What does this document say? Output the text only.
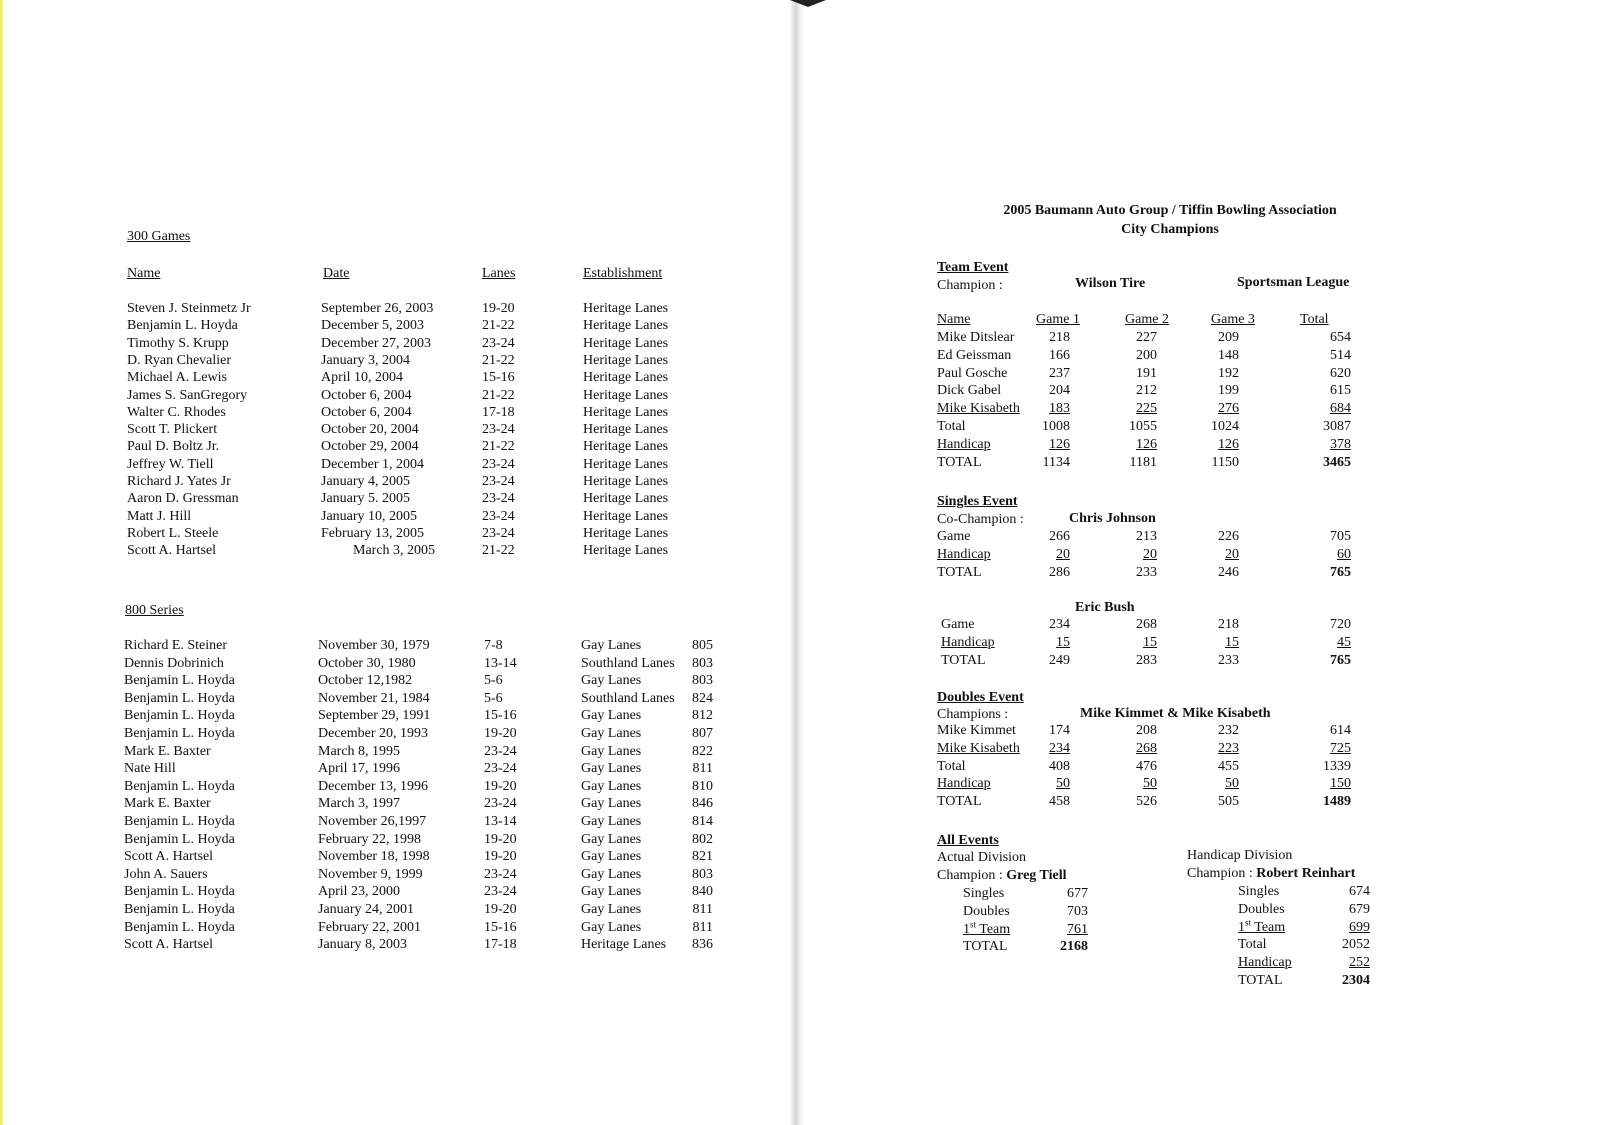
300 Games
Name	Date	Lanes	Establishment
Steven J. Steinmetz Jr	September 26, 2003	19-20	Heritage Lanes
Benjamin L. Hoyda	December 5, 2003	21-22	Heritage Lanes
Timothy S. Krupp	December 27, 2003	23-24	Heritage Lanes
D. Ryan Chevalier	January 3, 2004	21-22	Heritage Lanes
Michael A. Lewis	April 10, 2004	15-16	Heritage Lanes
James S. SanGregory	October 6, 2004	21-22	Heritage Lanes
Walter C. Rhodes	October 6, 2004	17-18	Heritage Lanes
Scott T. Plickert	October 20, 2004	23-24	Heritage Lanes
Paul D. Boltz Jr.	October 29, 2004	21-22	Heritage Lanes
Jeffrey W. Tiell	December 1, 2004	23-24	Heritage Lanes
Richard J. Yates Jr	January 4, 2005	23-24	Heritage Lanes
Aaron D. Gressman	January 5. 2005	23-24	Heritage Lanes
Matt J. Hill	January 10, 2005	23-24	Heritage Lanes
Robert L. Steele	February 13, 2005	23-24	Heritage Lanes
Scott A. Hartsel	March 3, 2005	21-22	Heritage Lanes
800 Series
Richard E. Steiner	November 30, 1979	7-8	Gay Lanes	805
Dennis Dobrinich	October 30, 1980	13-14	Southland Lanes	803
Benjamin L. Hoyda	October 12,1982	5-6	Gay Lanes	803
Benjamin L. Hoyda	November 21, 1984	5-6	Southland Lanes	824
Benjamin L. Hoyda	September 29, 1991	15-16	Gay Lanes	812
Benjamin L. Hoyda	December 20, 1993	19-20	Gay Lanes	807
Mark E. Baxter	March 8, 1995	23-24	Gay Lanes	822
Nate Hill	April 17, 1996	23-24	Gay Lanes	811
Benjamin L. Hoyda	December 13, 1996	19-20	Gay Lanes	810
Mark E. Baxter	March 3, 1997	23-24	Gay Lanes	846
Benjamin L. Hoyda	November 26,1997	13-14	Gay Lanes	814
Benjamin L. Hoyda	February 22, 1998	19-20	Gay Lanes	802
Scott A. Hartsel	November 18, 1998	19-20	Gay Lanes	821
John A. Sauers	November 9, 1999	23-24	Gay Lanes	803
Benjamin L. Hoyda	April 23, 2000	23-24	Gay Lanes	840
Benjamin L. Hoyda	January 24, 2001	19-20	Gay Lanes	811
Benjamin L. Hoyda	February 22, 2001	15-16	Gay Lanes	811
Scott A. Hartsel	January 8, 2003	17-18	Heritage Lanes	836
2005 Baumann Auto Group / Tiffin Bowling Association
City Champions
Team Event
Champion :	Wilson Tire	Sportsman League
Name	Game 1	Game 2	Game 3	Total
Mike Ditslear	218	227	209	654
Ed Geissman	166	200	148	514
Paul Gosche	237	191	192	620
Dick Gabel	204	212	199	615
Mike Kisabeth	183	225	276	684
Total	1008	1055	1024	3087
Handicap	126	126	126	378
TOTAL	1134	1181	1150	3465
Singles Event
Co-Champion :	Chris Johnson
Game	266	213	226	705
Handicap	20	20	20	60
TOTAL	286	233	246	765
Eric Bush
Game	234	268	218	720
Handicap	15	15	15	45
TOTAL	249	283	233	765
Doubles Event
Champions :	Mike Kimmet & Mike Kisabeth
Mike Kimmet	174	208	232	614
Mike Kisabeth	234	268	223	725
Total	408	476	455	1339
Handicap	50	50	50	150
TOTAL	458	526	505	1489
All Events
Actual Division
Champion : Greg Tiell
Singles	677
Doubles	703
1st Team	761
TOTAL	2168
Handicap Division
Champion : Robert Reinhart
Singles	674
Doubles	679
1st Team	699
Total	2052
Handicap	252
TOTAL	2304
